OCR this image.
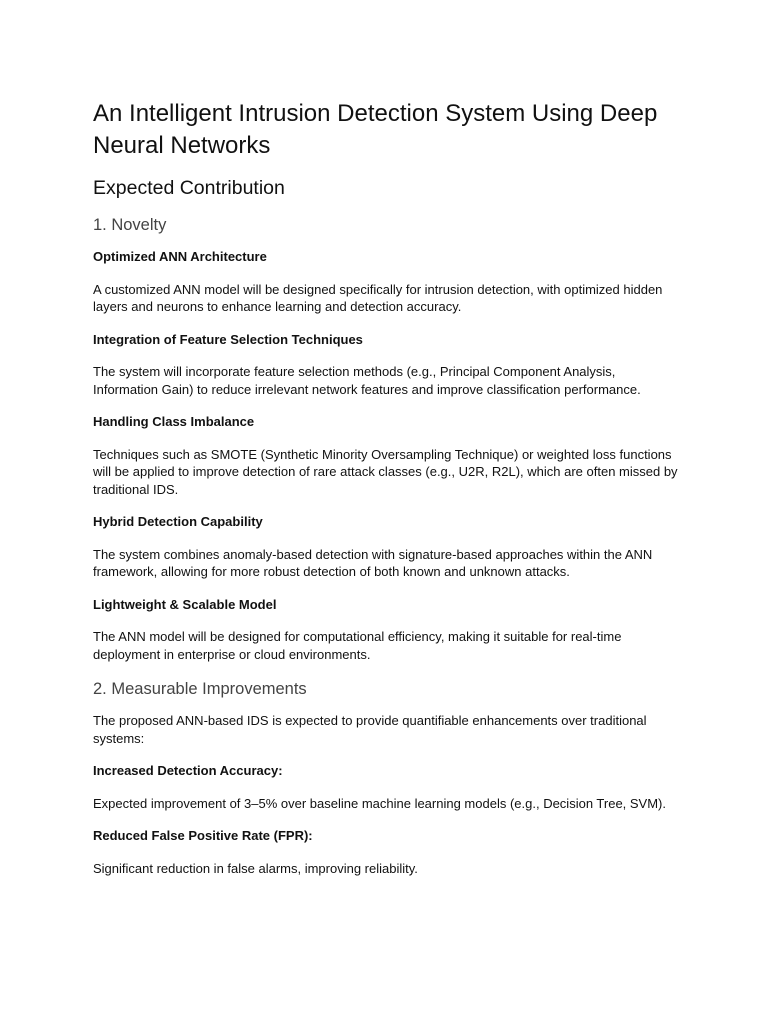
An Intelligent Intrusion Detection System Using Deep Neural Networks
Expected Contribution
1. Novelty
Optimized ANN Architecture
A customized ANN model will be designed specifically for intrusion detection, with optimized hidden layers and neurons to enhance learning and detection accuracy.
Integration of Feature Selection Techniques
The system will incorporate feature selection methods (e.g., Principal Component Analysis, Information Gain) to reduce irrelevant network features and improve classification performance.
Handling Class Imbalance
Techniques such as SMOTE (Synthetic Minority Oversampling Technique) or weighted loss functions will be applied to improve detection of rare attack classes (e.g., U2R, R2L), which are often missed by traditional IDS.
Hybrid Detection Capability
The system combines anomaly-based detection with signature-based approaches within the ANN framework, allowing for more robust detection of both known and unknown attacks.
Lightweight & Scalable Model
The ANN model will be designed for computational efficiency, making it suitable for real-time deployment in enterprise or cloud environments.
2. Measurable Improvements
The proposed ANN-based IDS is expected to provide quantifiable enhancements over traditional systems:
Increased Detection Accuracy:
Expected improvement of 3–5% over baseline machine learning models (e.g., Decision Tree, SVM).
Reduced False Positive Rate (FPR):
Significant reduction in false alarms, improving reliability.
